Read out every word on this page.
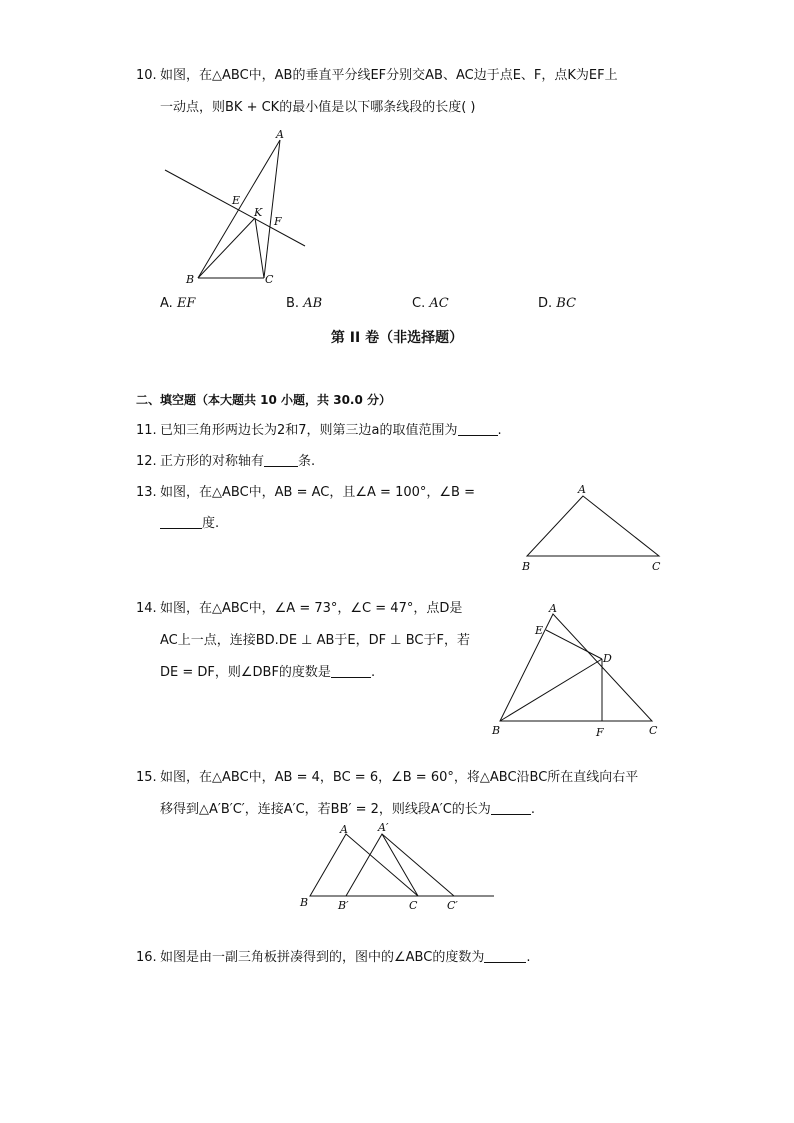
10. 如图，在△ABC中，AB的垂直平分线EF分别交AB、AC边于点E、F，点K为EF上
一动点，则BK + CK的最小值是以下哪条线段的长度( )
A
E
K
F
B	C
A. EF	B. AB	C. AC	D. BC
第 II 卷（非选择题）
二、填空题（本大题共 10 小题，共 30.0 分）
11. 已知三角形两边长为2和7，则第三边a的取值范围为	.
12. 正方形的对称轴有	条.
13. 如图，在△ABC中，AB = AC，且∠A = 100°，∠B =
度.
A
B	C
14. 如图，在△ABC中，∠A = 73°，∠C = 47°，点D是
AC上一点，连接BD.DE ⊥ AB于E，DF ⊥ BC于F，若
DE = DF，则∠DBF的度数是	.
A
E
D
B	F	C
15. 如图，在△ABC中，AB = 4，BC = 6，∠B = 60°，将△ABC沿BC所在直线向右平
移得到△A′B′C′，连接A′C，若BB′ = 2，则线段A′C的长为	.
A	A′
B	B′	C	C′
16. 如图是由一副三角板拼凑得到的，图中的∠ABC的度数为	.
